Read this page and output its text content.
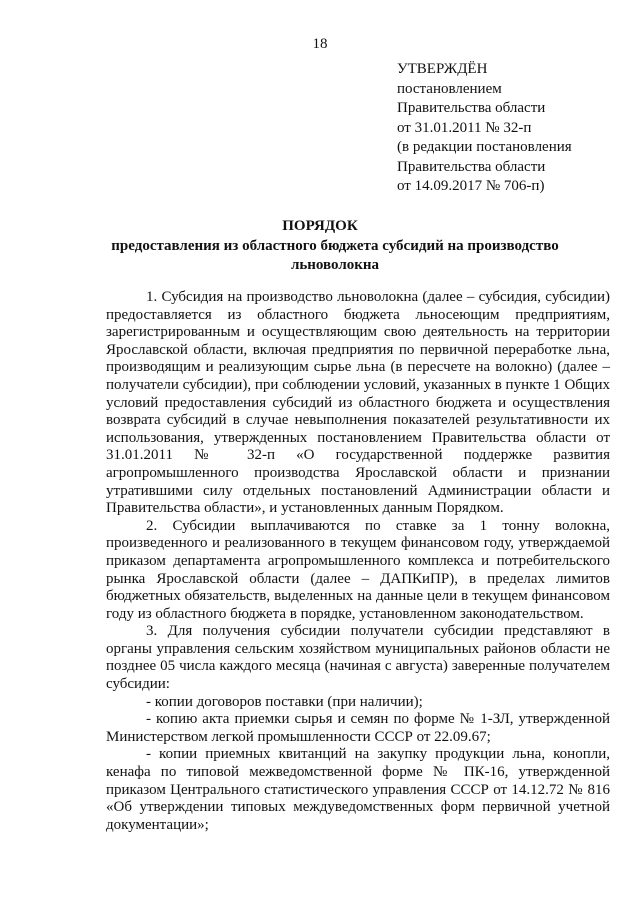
18
УТВЕРЖДЁН
постановлением
Правительства области
от 31.01.2011 № 32-п
(в редакции постановления
Правительства области
от 14.09.2017 № 706-п)
ПОРЯДОК
предоставления из областного бюджета субсидий на производство льноволокна

1. Субсидия на производство льноволокна (далее – субсидия, субсидии) предоставляется из областного бюджета льносеющим предприятиям, зарегистрированным и осуществляющим свою деятельность на территории Ярославской области, включая предприятия по первичной переработке льна, производящим и реализующим сырье льна (в пересчете на волокно) (далее – получатели субсидии), при соблюдении условий, указанных в пункте 1 Общих условий предоставления субсидий из областного бюджета и осуществления возврата субсидий в случае невыполнения показателей результативности их использования, утвержденных постановлением Правительства области от 31.01.2011 № 32-п «О государственной поддержке развития агропромышленного производства Ярославской области и признании утратившими силу отдельных постановлений Администрации области и Правительства области», и установленных данным Порядком.

2. Субсидии выплачиваются по ставке за 1 тонну волокна, произведенного и реализованного в текущем финансовом году, утверждаемой приказом департамента агропромышленного комплекса и потребительского рынка Ярославской области (далее – ДАПКиПР), в пределах лимитов бюджетных обязательств, выделенных на данные цели в текущем финансовом году из областного бюджета в порядке, установленном законодательством.

3. Для получения субсидии получатели субсидии представляют в органы управления сельским хозяйством муниципальных районов области не позднее 05 числа каждого месяца (начиная с августа) заверенные получателем субсидии:

- копии договоров поставки (при наличии);

- копию акта приемки сырья и семян по форме № 1-ЗЛ, утвержденной Министерством легкой промышленности СССР от 22.09.67;

- копии приемных квитанций на закупку продукции льна, конопли, кенафа по типовой межведомственной форме № ПК-16, утвержденной приказом Центрального статистического управления СССР от 14.12.72 № 816 «Об утверждении типовых междуведомственных форм первичной учетной документации»;
